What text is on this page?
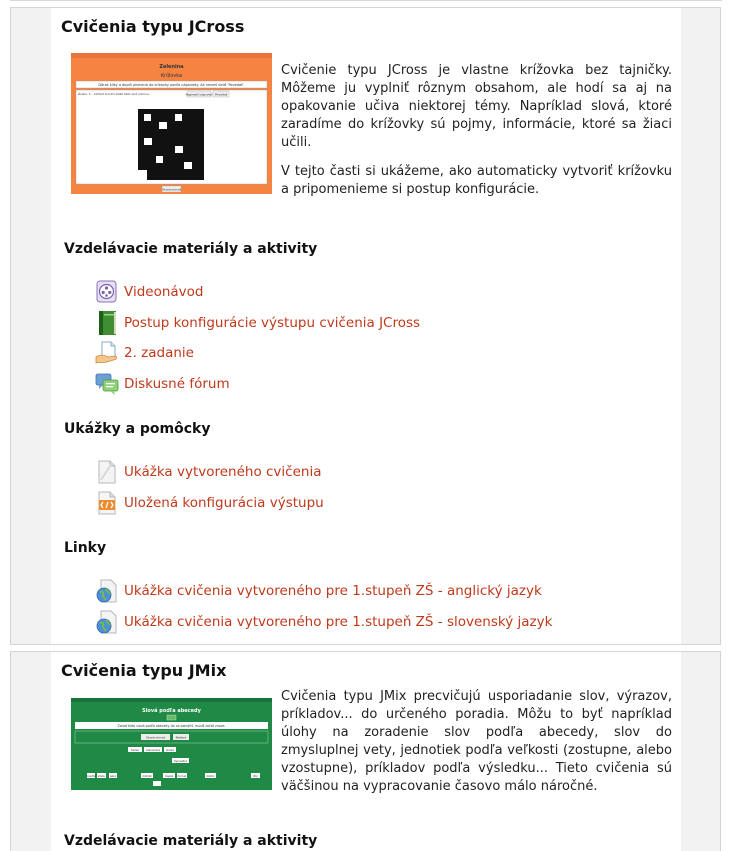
Cvičenia typu JCross
Zelenina
Krížovka
Dôraž kliky a doplň písmená do krížovky podľa nápovedy. Ak nevieš dališ 'Povedať'.
Zvislo: 1 - vzhľad tvorím šalát tieto pod nemou.	Napraviť odpoveď Povedať
Skontrolovať

Cvičenie typu JCross je vlastne krížovka bez tajničky. Môžeme ju vyplniť rôznym obsahom, ale hodí sa aj na opakovanie učiva niektorej témy. Napríklad slová, ktoré zaradíme do krížovky sú pojmy, informácie, ktoré sa žiaci učili.

V tejto časti si ukážeme, ako automaticky vytvoriť krížovku a pripomenieme si postup konfigurácie.

Vzdelávacie materiály a aktivity
Videonávod
Postup konfigurácie výstupu cvičenia JCross
2. zadanie
Diskusné fórum
Ukážky a pomôcky
Ukážka vytvoreného cvičenia
Uložená konfigurácia výstupu
Linky
Ukážka cvičenia vytvoreného pre 1.stupeň ZŠ - anglický jazyk
Ukážka cvičenia vytvoreného pre 1.stupeň ZŠ - slovenský jazyk
Cvičenia typu JMix
Slová podľa abecedy
Zoraď tieto slová podľa abecedy. Ak sa pomýliš, musíš začať znova.
Skontrolovať	Reštart
ťavka	Alexandra slivka
Sylvestra
knedľa slivku iskra	motýlik	čiapka hrnček	doktor	žltý

Cvičenia typu JMix precvičujú usporiadanie slov, výrazov, príkladov... do určeného poradia. Môžu to byť napríklad úlohy na zoradenie slov podľa abecedy, slov do zmysluplnej vety, jednotiek podľa veľkosti (zostupne, alebo vzostupne), príkladov podľa výsledku... Tieto cvičenia sú väčšinou na vypracovanie časovo málo náročné.

Vzdelávacie materiály a aktivity
